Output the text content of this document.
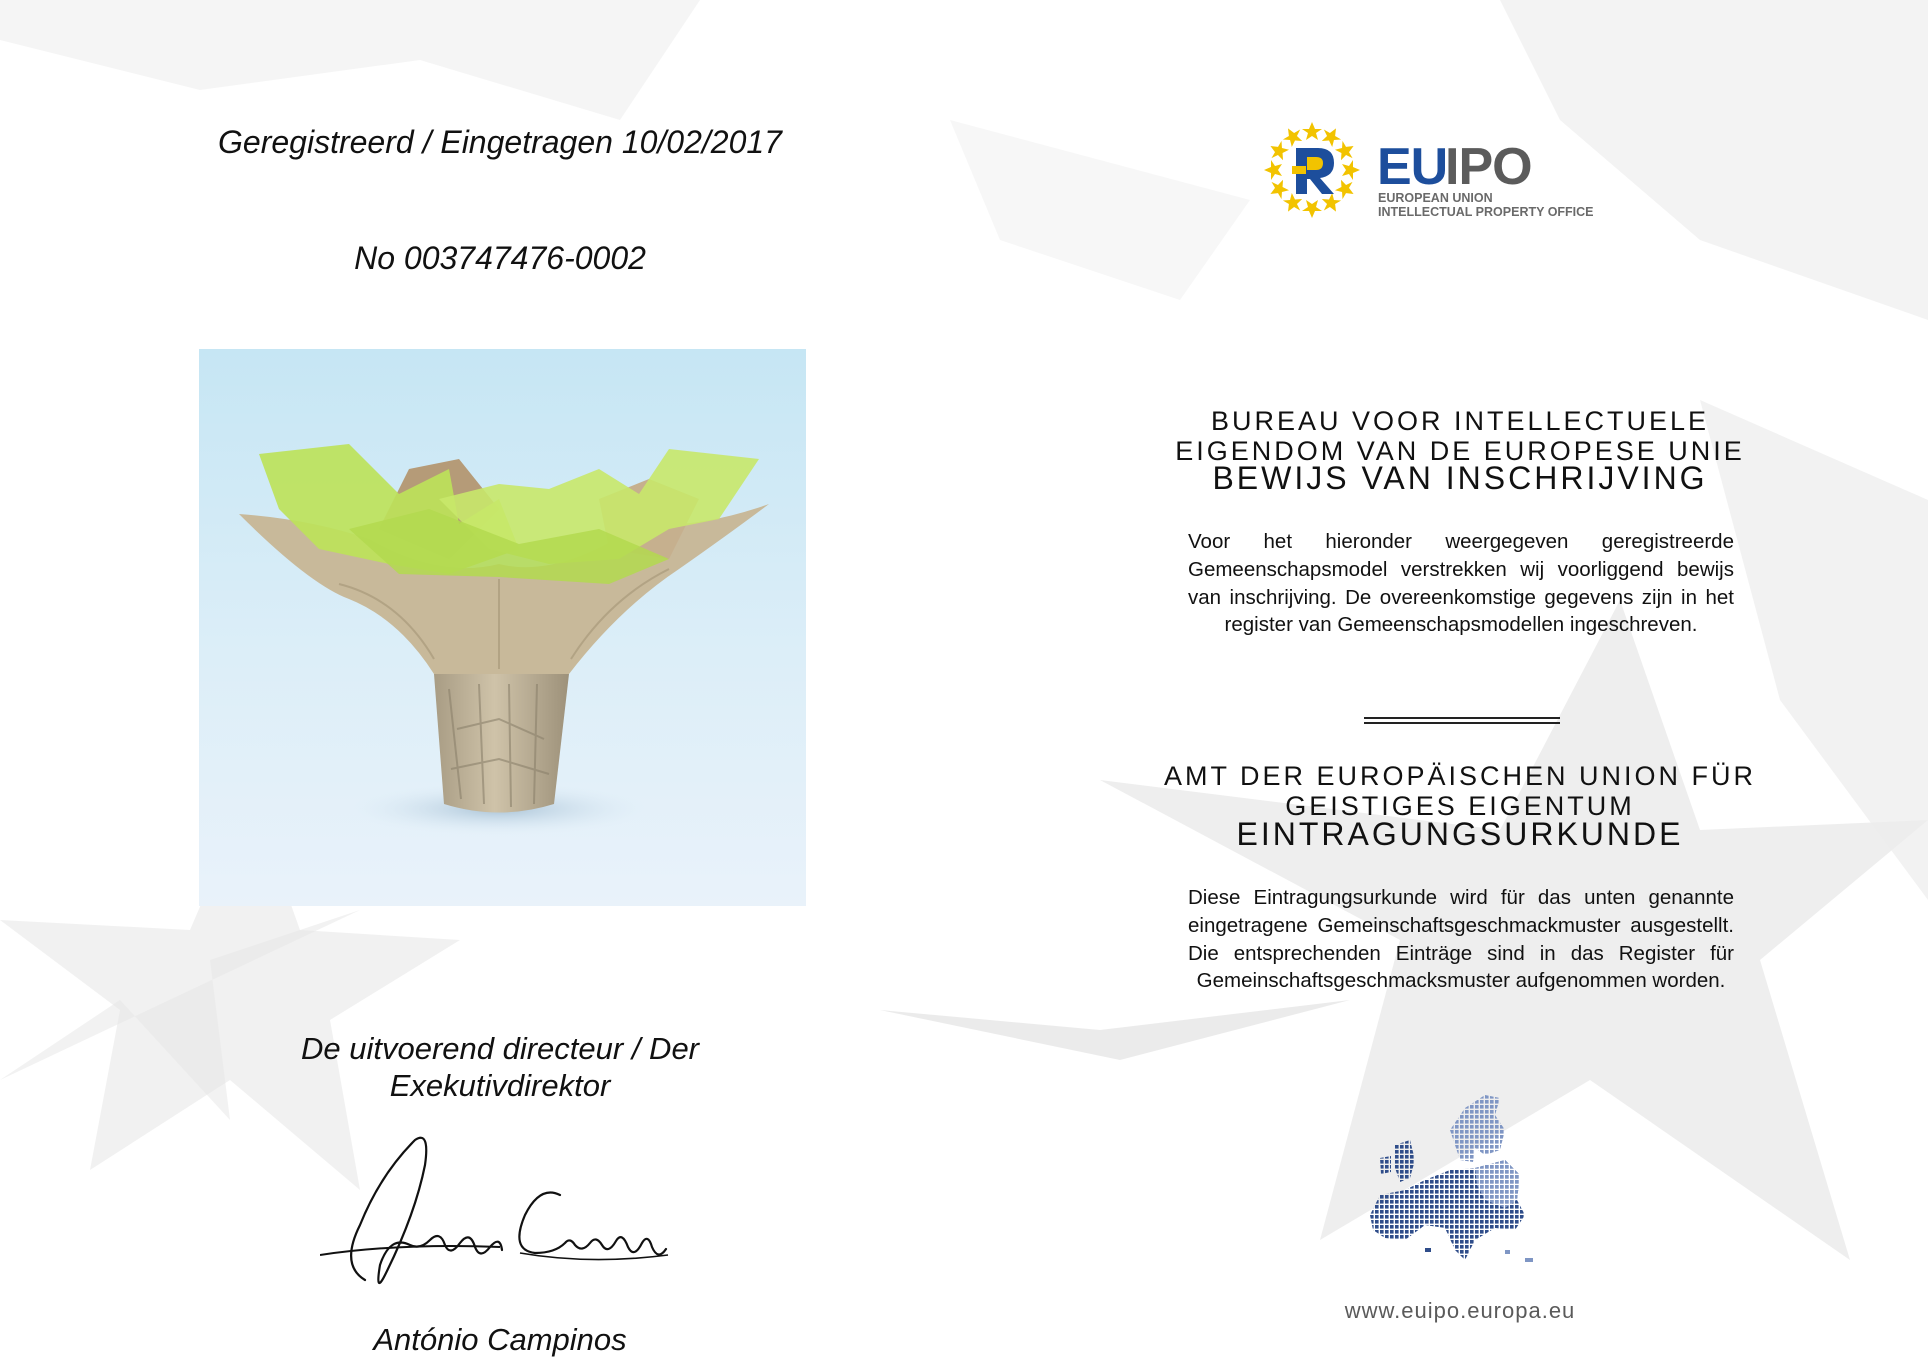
Geregistreerd / Eingetragen 10/02/2017
No 003747476-0002
De uitvoerend directeur / Der Exekutivdirektor
António Campinos
EU
IPO
EUROPEAN UNION
INTELLECTUAL PROPERTY OFFICE
BUREAU VOOR INTELLECTUELE
EIGENDOM VAN DE EUROPESE UNIE
BEWIJS VAN INSCHRIJVING
Voor het hieronder weergegeven geregistreerde Gemeenschapsmodel verstrekken wij voorliggend bewijs van inschrijving. De overeenkomstige gegevens zijn in het register van Gemeenschapsmodellen ingeschreven.
AMT DER EUROPÄISCHEN UNION FÜR
GEISTIGES EIGENTUM
EINTRAGUNGSURKUNDE
Diese Eintragungsurkunde wird für das unten genannte eingetragene Gemeinschaftsgeschmackmuster ausgestellt. Die entsprechenden Einträge sind in das Register für Gemeinschaftsgeschmacksmuster aufgenommen worden.
www.euipo.europa.eu
